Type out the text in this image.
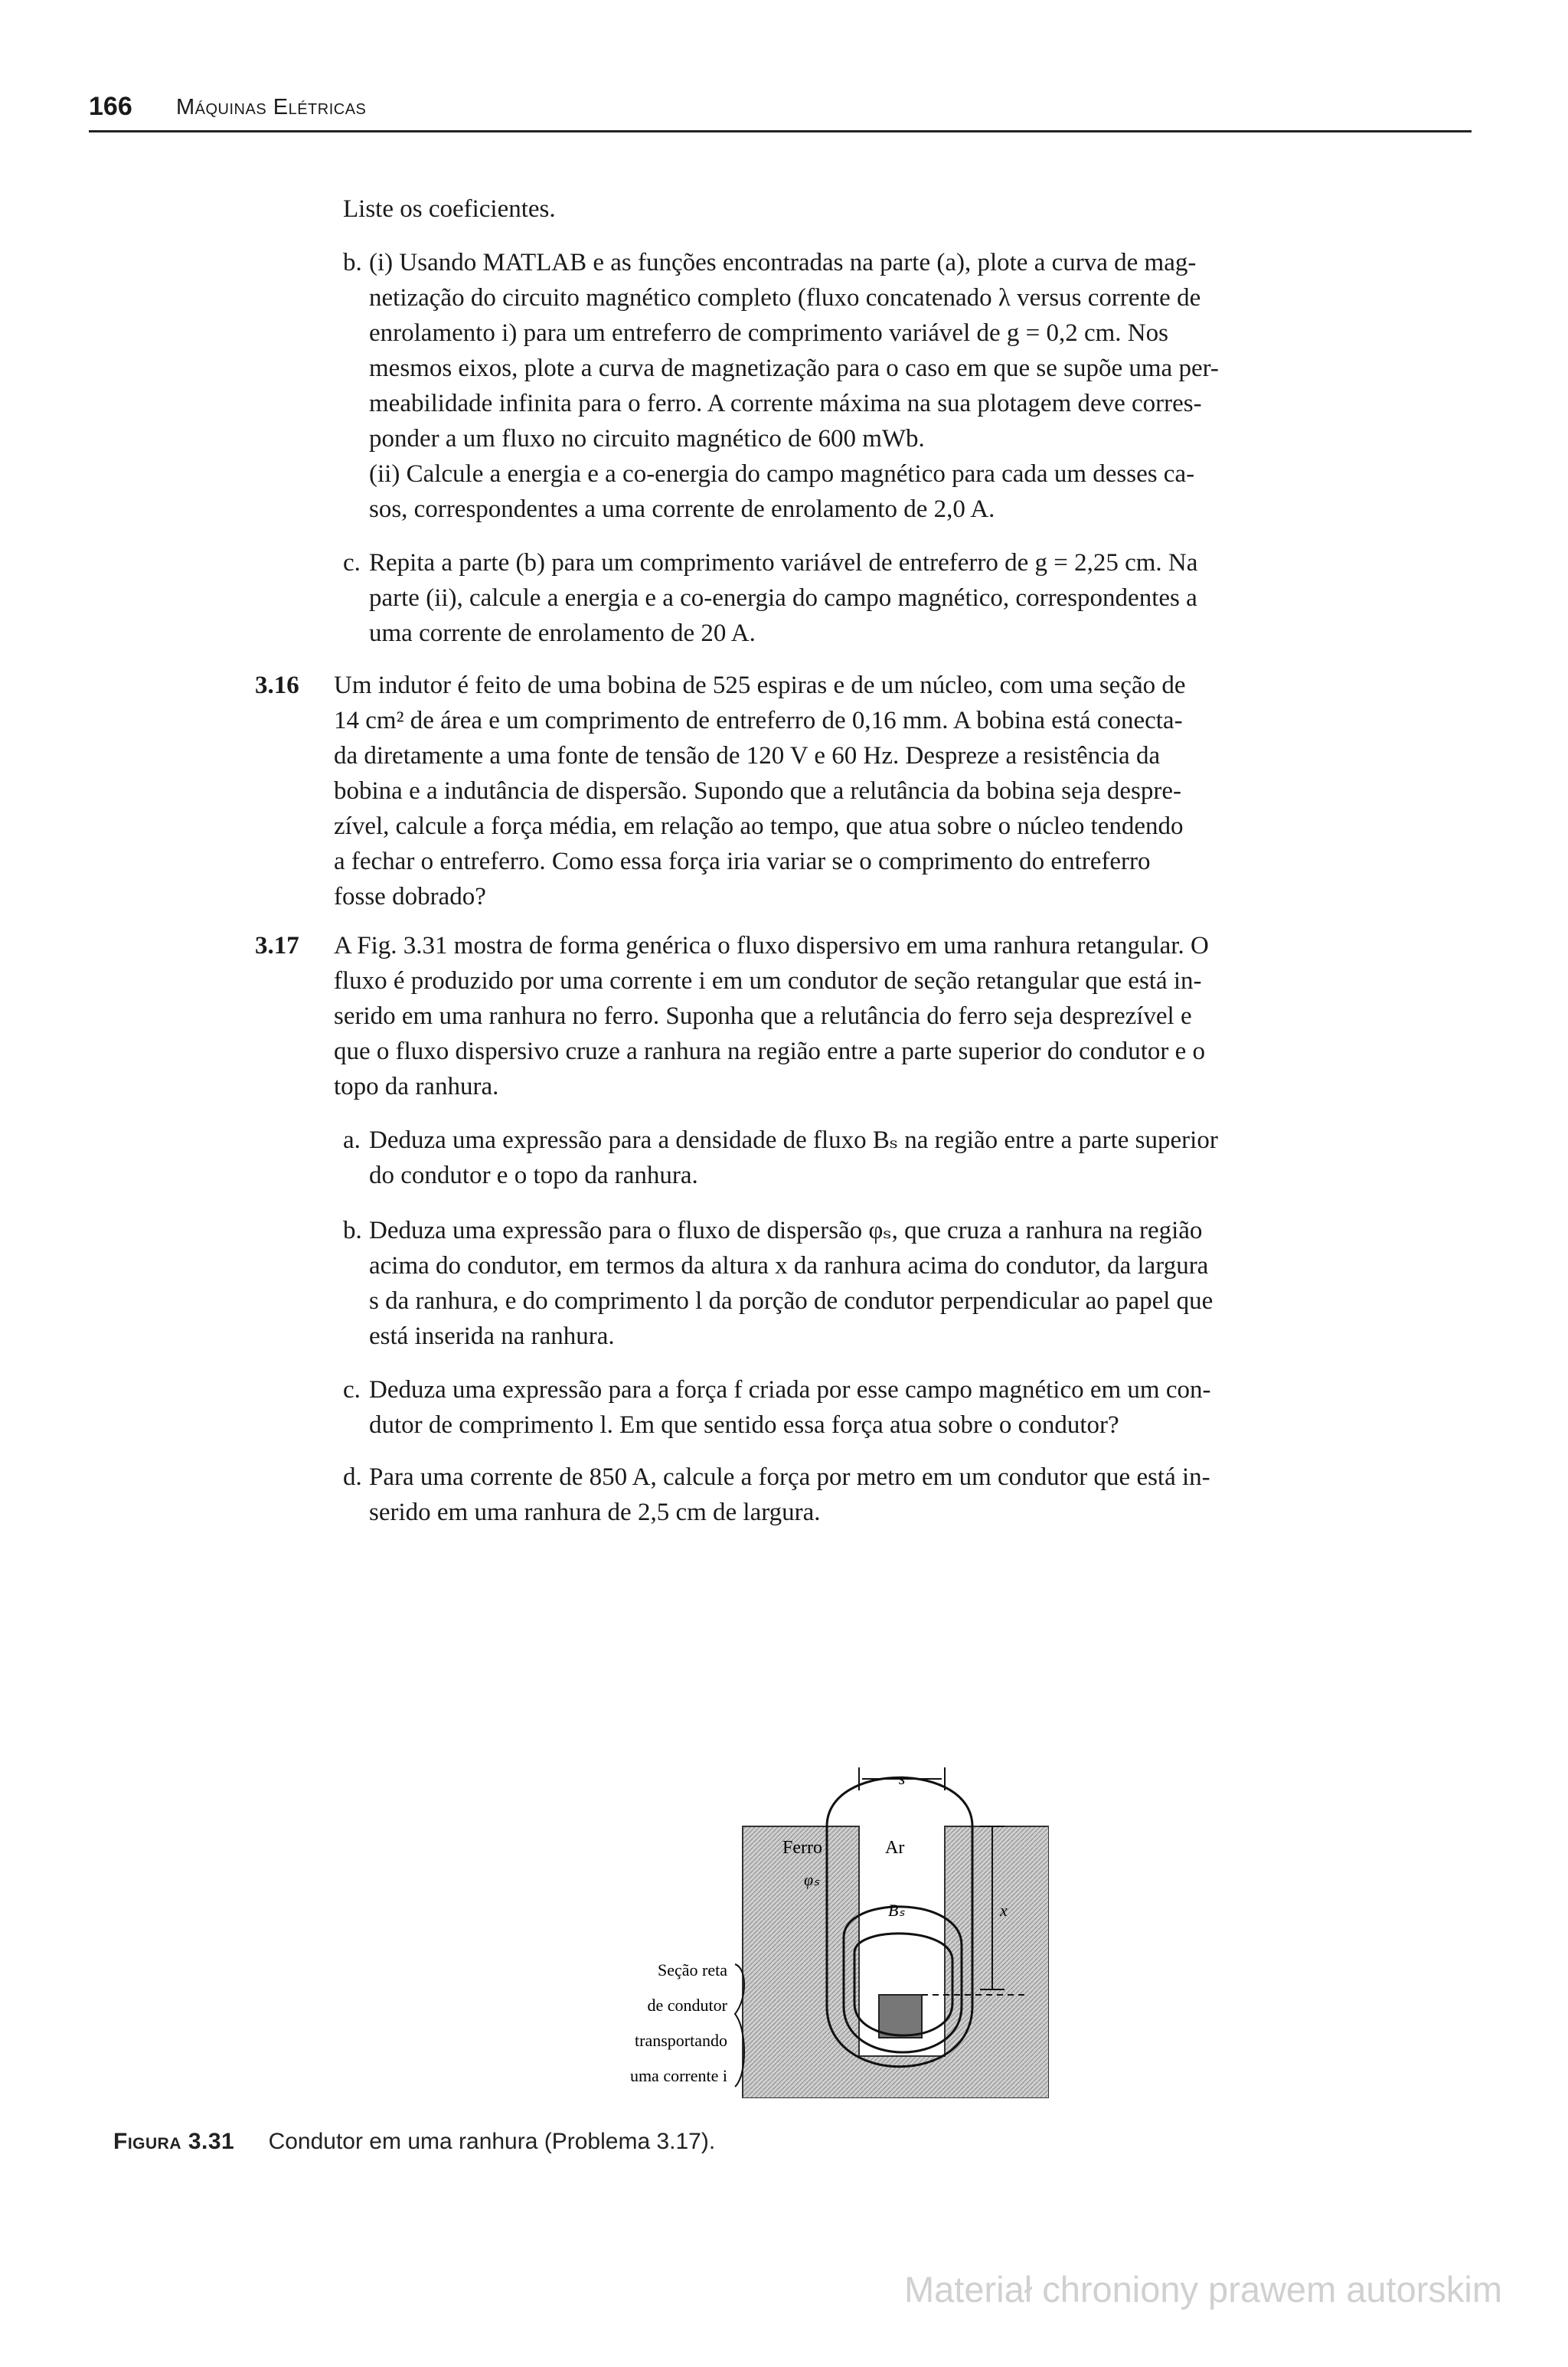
166 Máquinas Elétricas

Liste os coeficientes.

b. (i) Usando MATLAB e as funções encontradas na parte (a), plote a curva de mag-

netização do circuito magnético completo (fluxo concatenado λ versus corrente de

enrolamento i) para um entreferro de comprimento variável de g = 0,2 cm. Nos

mesmos eixos, plote a curva de magnetização para o caso em que se supõe uma per-

meabilidade infinita para o ferro. A corrente máxima na sua plotagem deve corres-

ponder a um fluxo no circuito magnético de 600 mWb.

(ii) Calcule a energia e a co-energia do campo magnético para cada um desses ca-

sos, correspondentes a uma corrente de enrolamento de 2,0 A.

c. Repita a parte (b) para um comprimento variável de entreferro de g = 2,25 cm. Na

parte (ii), calcule a energia e a co-energia do campo magnético, correspondentes a

uma corrente de enrolamento de 20 A.

3.16 Um indutor é feito de uma bobina de 525 espiras e de um núcleo, com uma seção de

14 cm² de área e um comprimento de entreferro de 0,16 mm. A bobina está conecta-

da diretamente a uma fonte de tensão de 120 V e 60 Hz. Despreze a resistência da

bobina e a indutância de dispersão. Supondo que a relutância da bobina seja despre-

zível, calcule a força média, em relação ao tempo, que atua sobre o núcleo tendendo

a fechar o entreferro. Como essa força iria variar se o comprimento do entreferro

fosse dobrado?

3.17 A Fig. 3.31 mostra de forma genérica o fluxo dispersivo em uma ranhura retangular. O

fluxo é produzido por uma corrente i em um condutor de seção retangular que está in-

serido em uma ranhura no ferro. Suponha que a relutância do ferro seja desprezível e

que o fluxo dispersivo cruze a ranhura na região entre a parte superior do condutor e o

topo da ranhura.

a. Deduza uma expressão para a densidade de fluxo Bₛ na região entre a parte superior

do condutor e o topo da ranhura.

b. Deduza uma expressão para o fluxo de dispersão φₛ, que cruza a ranhura na região

acima do condutor, em termos da altura x da ranhura acima do condutor, da largura

s da ranhura, e do comprimento l da porção de condutor perpendicular ao papel que

está inserida na ranhura.

c. Deduza uma expressão para a força f criada por esse campo magnético em um con-

dutor de comprimento l. Em que sentido essa força atua sobre o condutor?

d. Para uma corrente de 850 A, calcule a força por metro em um condutor que está in-

serido em uma ranhura de 2,5 cm de largura.

s
Ferro	Ar
φₛ
Bₛ	x
Seção reta
de condutor
transportando
uma corrente i
Figura 3.31 Condutor em uma ranhura (Problema 3.17).
Materiał chroniony prawem autorskim
